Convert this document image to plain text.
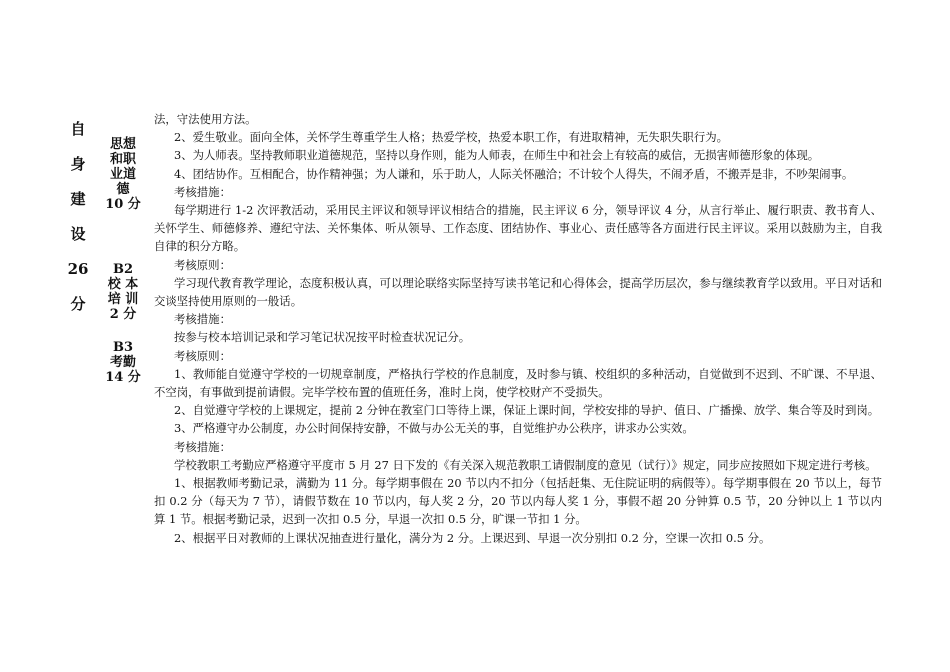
自
身
建
设
26
分
思想
和职
业道
德
10 分
B2
校 本
培 训
2 分
B3
考勤
14 分

法，守法使用方法。

2、爱生敬业。面向全体，关怀学生尊重学生人格；热爱学校，热爱本职工作，有进取精神，无失职失职行为。

3、为人师表。坚持教师职业道德规范，坚持以身作则，能为人师表，在师生中和社会上有较高的威信，无损害师德形象的体现。

4、团结协作。互相配合，协作精神强；为人谦和，乐于助人，人际关怀融洽；不计较个人得失，不闹矛盾，不搬弄是非，不吵架闹事。

考核措施：

每学期进行 1-2 次评教活动，采用民主评议和领导评议相结合的措施，民主评议 6 分，领导评议 4 分，从言行举止、履行职责、教书育人、关怀学生、师德修养、遵纪守法、关怀集体、听从领导、工作态度、团结协作、事业心、责任感等各方面进行民主评议。采用以鼓励为主，自我自律的积分方略。

考核原则：

学习现代教育教学理论，态度积极认真，可以理论联络实际坚持写读书笔记和心得体会，提高学历层次，参与继续教育学以致用。平日对话和交谈坚持使用原则的一般话。

考核措施：

按参与校本培训记录和学习笔记状况按平时检查状况记分。

考核原则：

1、教师能自觉遵守学校的一切规章制度，严格执行学校的作息制度，及时参与镇、校组织的多种活动，自觉做到不迟到、不旷课、不早退、不空岗，有事做到提前请假。完毕学校布置的值班任务，准时上岗，使学校财产不受损失。

2、自觉遵守学校的上课规定，提前 2 分钟在教室门口等待上课，保证上课时间，学校安排的导护、值日、广播操、放学、集合等及时到岗。

3、严格遵守办公制度，办公时间保持安静，不做与办公无关的事，自觉维护办公秩序，讲求办公实效。

考核措施：

学校教职工考勤应严格遵守平度市 5 月 27 日下发的《有关深入规范教职工请假制度的意见（试行）》规定，同步应按照如下规定进行考核。

1、根据教师考勤记录，满勤为 11 分。每学期事假在 20 节以内不扣分（包括赶集、无住院证明的病假等）。每学期事假在 20 节以上，每节扣 0.2 分（每天为 7 节），请假节数在 10 节以内，每人奖 2 分，20 节以内每人奖 1 分，事假不超 20 分钟算 0.5 节，20 分钟以上 1 节以内算 1 节。根据考勤记录，迟到一次扣 0.5 分，早退一次扣 0.5 分，旷课一节扣 1 分。

2、根据平日对教师的上课状况抽查进行量化，满分为 2 分。上课迟到、早退一次分别扣 0.2 分，空课一次扣 0.5 分。
